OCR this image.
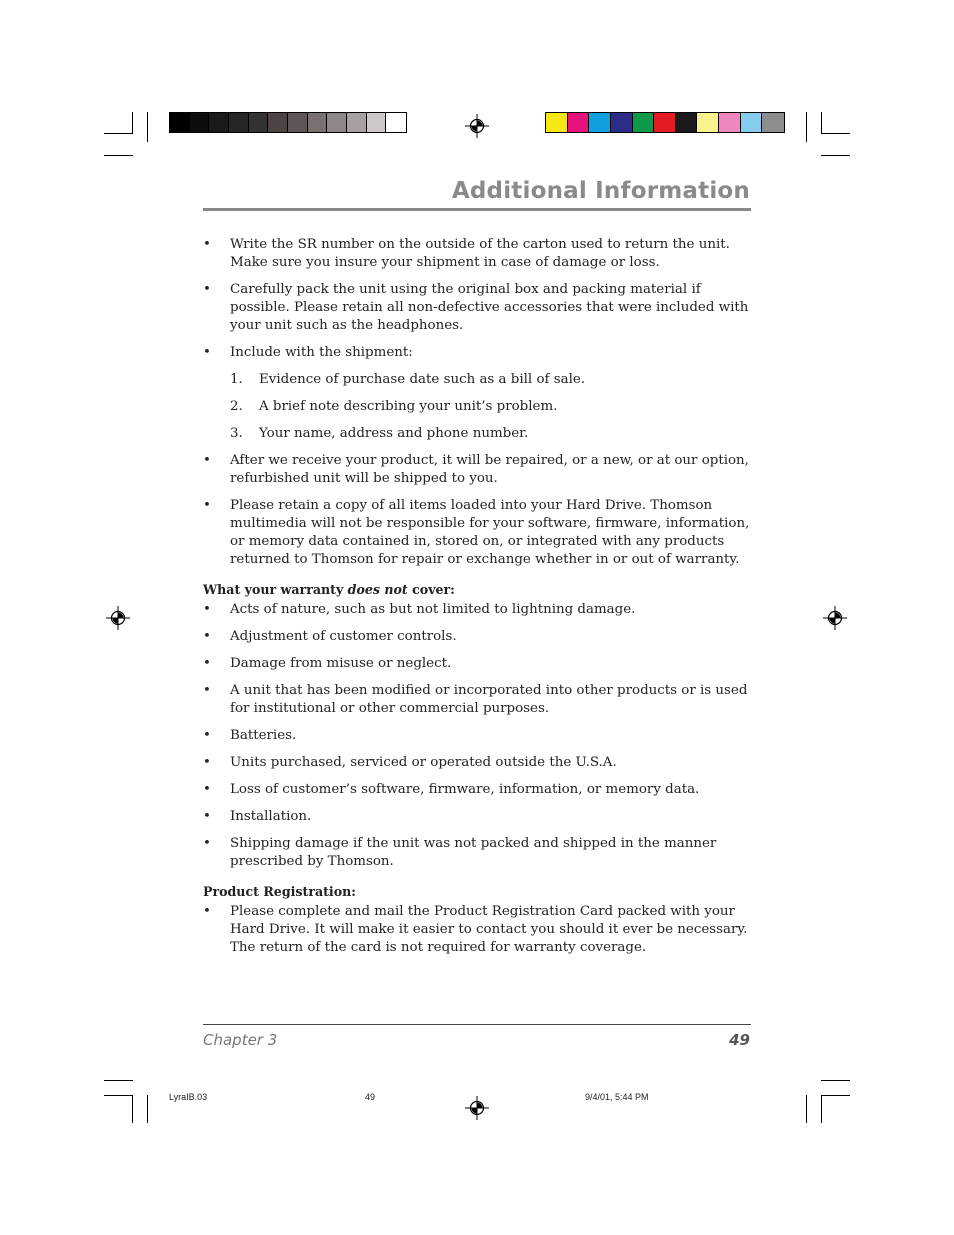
Additional Information
• Write the SR number on the outside of the carton used to return the unit. Make sure you insure your shipment in case of damage or loss.
• Carefully pack the unit using the original box and packing material if possible. Please retain all non-defective accessories that were included with your unit such as the headphones.
• Include with the shipment:
1. Evidence of purchase date such as a bill of sale.
2. A brief note describing your unit’s problem.
3. Your name, address and phone number.
• After we receive your product, it will be repaired, or a new, or at our option, refurbished unit will be shipped to you.
• Please retain a copy of all items loaded into your Hard Drive. Thomson multimedia will not be responsible for your software, firmware, information, or memory data contained in, stored on, or integrated with any products returned to Thomson for repair or exchange whether in or out of warranty.
What your warranty does not cover:
• Acts of nature, such as but not limited to lightning damage.
• Adjustment of customer controls.
• Damage from misuse or neglect.
• A unit that has been modified or incorporated into other products or is used for institutional or other commercial purposes.
• Batteries.
• Units purchased, serviced or operated outside the U.S.A.
• Loss of customer’s software, firmware, information, or memory data.
• Installation.
• Shipping damage if the unit was not packed and shipped in the manner prescribed by Thomson.
Product Registration:
• Please complete and mail the Product Registration Card packed with your Hard Drive. It will make it easier to contact you should it ever be necessary. The return of the card is not required for warranty coverage.
Chapter 3	49
LyraIB.03	49	9/4/01, 5:44 PM
